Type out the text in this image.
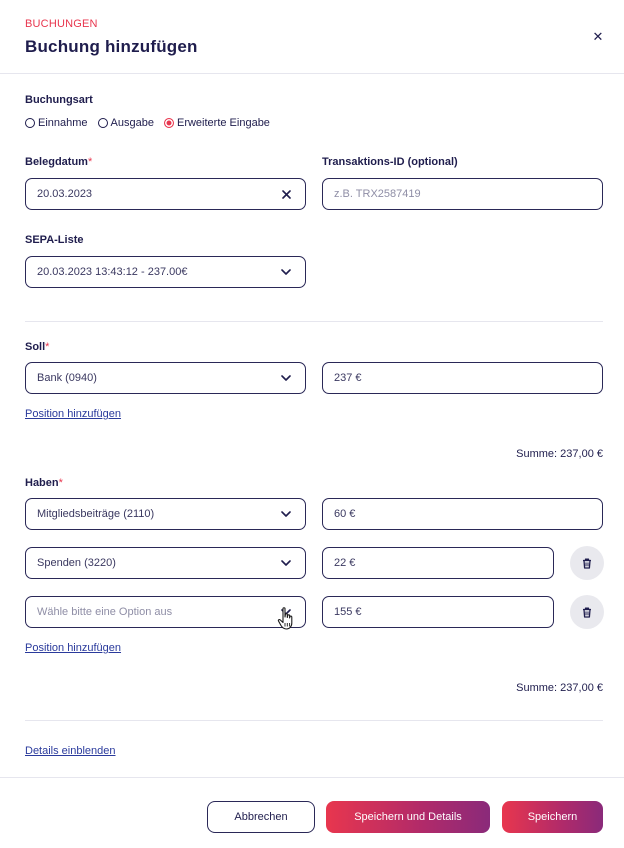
BUCHUNGEN
Buchung hinzufügen
✕
Buchungsart
Einnahme Ausgabe Erweiterte Eingabe
Belegdatum*
20.03.2023
Transaktions-ID (optional)
z.B. TRX2587419
SEPA-Liste
20.03.2023 13:43:12 - 237.00€
Soll*
Bank (0940)	237 €
Position hinzufügen
Summe: 237,00 €
Haben*
Mitgliedsbeiträge (2110)	60 €
Spenden (3220)	22 €
Wähle bitte eine Option aus	155 €
Position hinzufügen
Summe: 237,00 €
Details einblenden
Abbrechen	Speichern und Details	Speichern
